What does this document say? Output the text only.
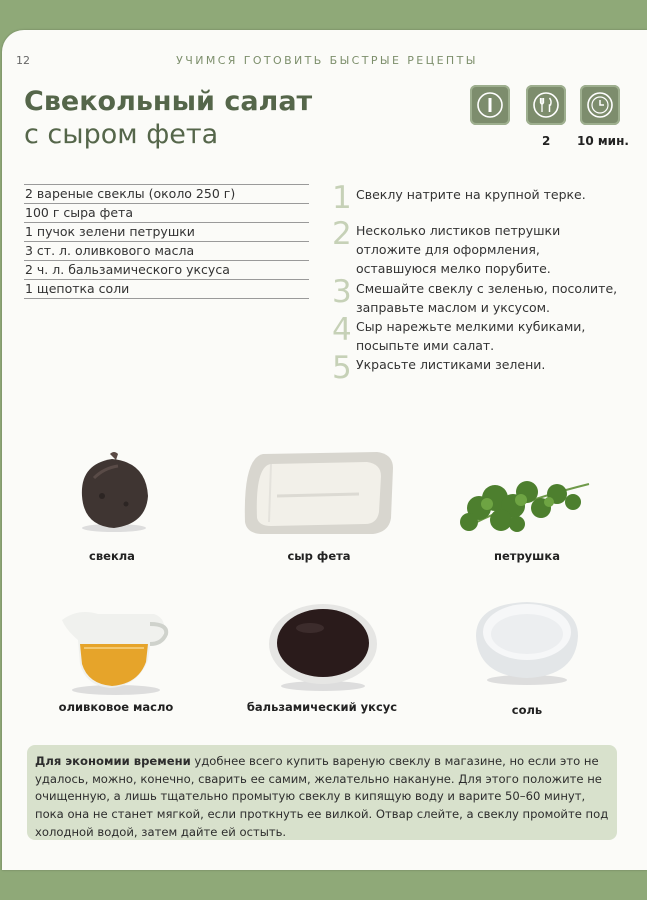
12	УЧИМСЯ ГОТОВИТЬ БЫСТРЫЕ РЕЦЕПТЫ
Свекольный салат
с сыром фета	2 10 мин.
2 вареные свеклы (около 250 г)
100 г сыра фета
1 пучок зелени петрушки
3 ст. л. оливкового масла
2 ч. л. бальзамического уксуса
1 щепотка соли
1 Свеклу натрите на крупной терке.
2 Несколько листиков петрушки отложите для оформления, оставшуюся мелко порубите.
3 Смешайте свеклу с зеленью, посолите, заправьте маслом и уксусом.
4 Сыр нарежьте мелкими кубиками, посыпьте ими салат.
5 Украсьте листиками зелени.
свекла	сыр фета	петрушка
оливковое масло	бальзамический уксус	соль
Для экономии времени удобнее всего купить вареную свеклу в магазине, но если это не удалось, можно, конечно, сварить ее самим, желательно накануне. Для этого положите не очищенную, а лишь тщательно промытую свеклу в кипящую воду и варите 50–60 минут, пока она не станет мягкой, если проткнуть ее вилкой. Отвар слейте, а свеклу промойте под холодной водой, затем дайте ей остыть.
